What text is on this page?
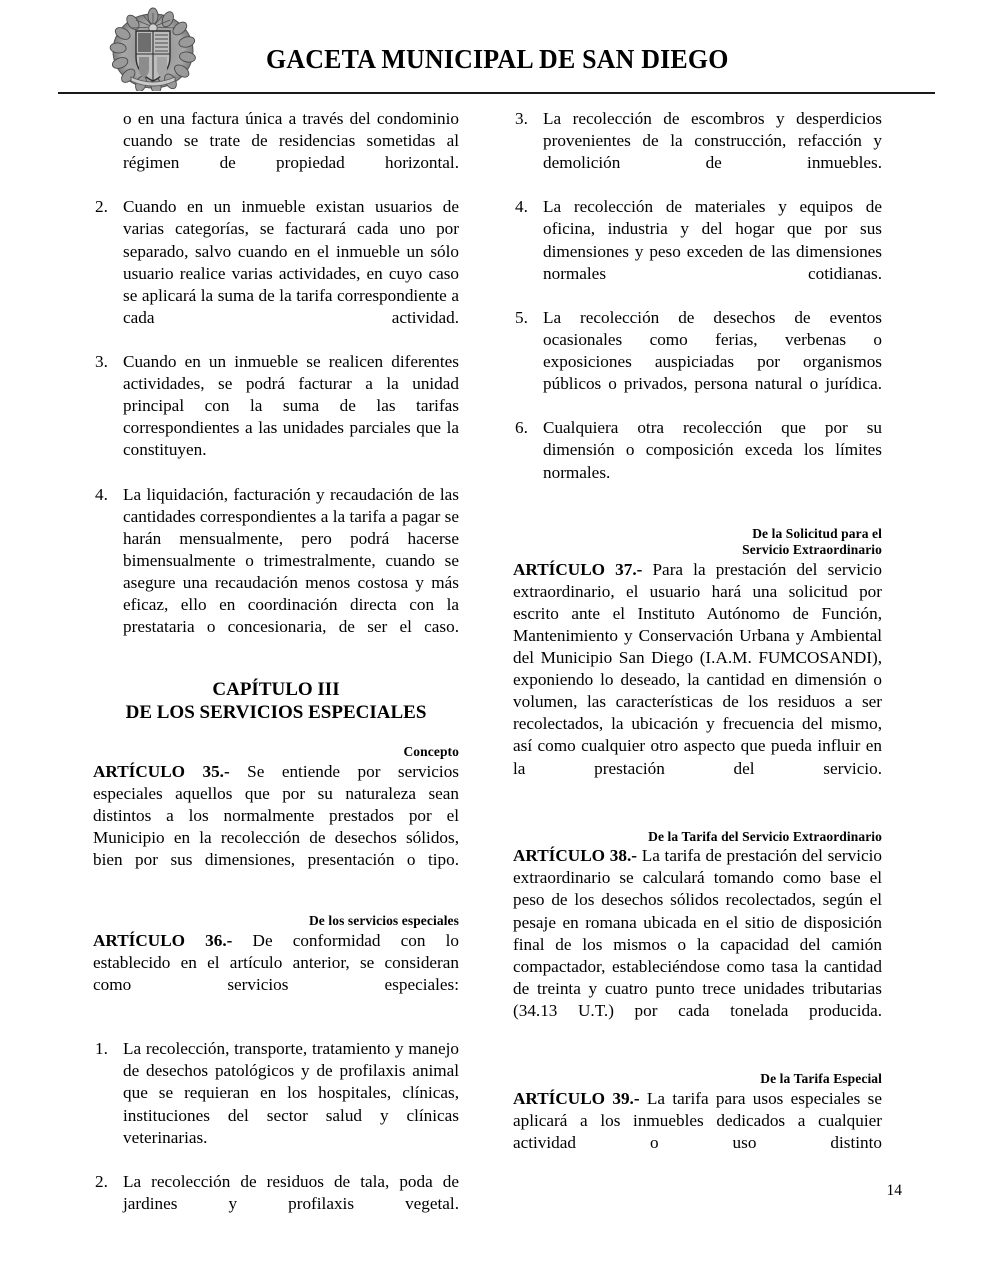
GACETA MUNICIPAL DE SAN DIEGO
o en una factura única a través del condominio cuando se trate de residencias sometidas al régimen de propiedad horizontal.
2. Cuando en un inmueble existan usuarios de varias categorías, se facturará cada uno por separado, salvo cuando en el inmueble un sólo usuario realice varias actividades, en cuyo caso se aplicará la suma de la tarifa correspondiente a cada actividad.
3. Cuando en un inmueble se realicen diferentes actividades, se podrá facturar a la unidad principal con la suma de las tarifas correspondientes a las unidades parciales que la constituyen.
4. La liquidación, facturación y recaudación de las cantidades correspondientes a la tarifa a pagar se harán mensualmente, pero podrá hacerse bimensualmente o trimestralmente, cuando se asegure una recaudación menos costosa y más eficaz, ello en coordinación directa con la prestataria o concesionaria, de ser el caso.
CAPÍTULO III
DE LOS SERVICIOS ESPECIALES
Concepto
ARTÍCULO 35.- Se entiende por servicios especiales aquellos que por su naturaleza sean distintos a los normalmente prestados por el Municipio en la recolección de desechos sólidos, bien por sus dimensiones, presentación o tipo.
De los servicios especiales
ARTÍCULO 36.- De conformidad con lo establecido en el artículo anterior, se consideran como servicios especiales:
1. La recolección, transporte, tratamiento y manejo de desechos patológicos y de profilaxis animal que se requieran en los hospitales, clínicas, instituciones del sector salud y clínicas veterinarias.
2. La recolección de residuos de tala, poda de jardines y profilaxis vegetal.
3. La recolección de escombros y desperdicios provenientes de la construcción, refacción y demolición de inmuebles.
4. La recolección de materiales y equipos de oficina, industria y del hogar que por sus dimensiones y peso exceden de las dimensiones normales cotidianas.
5. La recolección de desechos de eventos ocasionales como ferias, verbenas o exposiciones auspiciadas por organismos públicos o privados, persona natural o jurídica.
6. Cualquiera otra recolección que por su dimensión o composición exceda los límites normales.
De la Solicitud para el
Servicio Extraordinario
ARTÍCULO 37.- Para la prestación del servicio extraordinario, el usuario hará una solicitud por escrito ante el Instituto Autónomo de Función, Mantenimiento y Conservación Urbana y Ambiental del Municipio San Diego (I.A.M. FUMCOSANDI), exponiendo lo deseado, la cantidad en dimensión o volumen, las características de los residuos a ser recolectados, la ubicación y frecuencia del mismo, así como cualquier otro aspecto que pueda influir en la prestación del servicio.
De la Tarifa del Servicio Extraordinario
ARTÍCULO 38.- La tarifa de prestación del servicio extraordinario se calculará tomando como base el peso de los desechos sólidos recolectados, según el pesaje en romana ubicada en el sitio de disposición final de los mismos o la capacidad del camión compactador, estableciéndose como tasa la cantidad de treinta y cuatro punto trece unidades tributarias (34.13 U.T.) por cada tonelada producida.
De la Tarifa Especial
ARTÍCULO 39.- La tarifa para usos especiales se aplicará a los inmuebles dedicados a cualquier actividad o uso distinto
14
